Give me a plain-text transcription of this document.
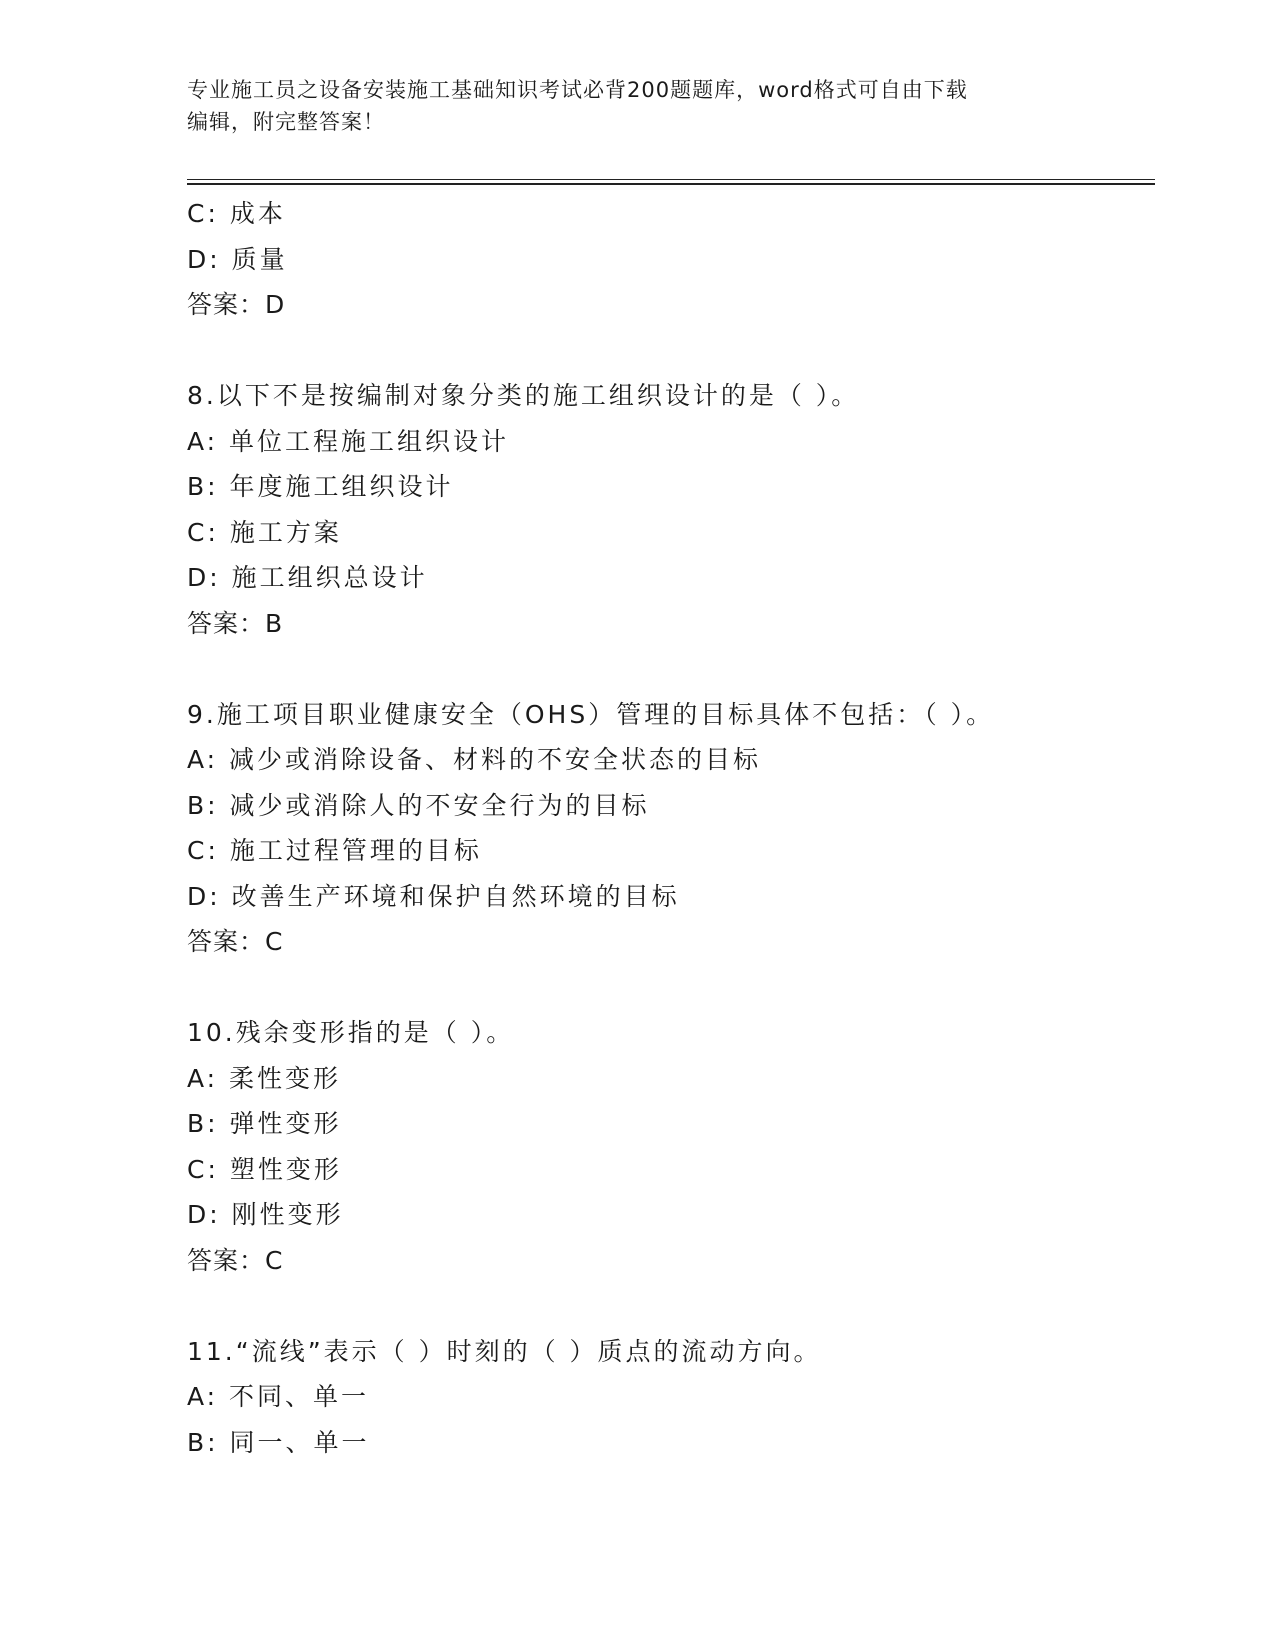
专业施工员之设备安装施工基础知识考试必背200题题库，word格式可自由下载
编辑，附完整答案！
C: 成本
D: 质量
答案：D
8.以下不是按编制对象分类的施工组织设计的是（ ）。
A: 单位工程施工组织设计
B: 年度施工组织设计
C: 施工方案
D: 施工组织总设计
答案：B
9.施工项目职业健康安全（OHS）管理的目标具体不包括：（ ）。
A: 减少或消除设备、材料的不安全状态的目标
B: 减少或消除人的不安全行为的目标
C: 施工过程管理的目标
D: 改善生产环境和保护自然环境的目标
答案：C
10.残余变形指的是（ ）。
A: 柔性变形
B: 弹性变形
C: 塑性变形
D: 刚性变形
答案：C
11.“流线”表示（ ）时刻的（ ）质点的流动方向。
A: 不同、单一
B: 同一、单一
